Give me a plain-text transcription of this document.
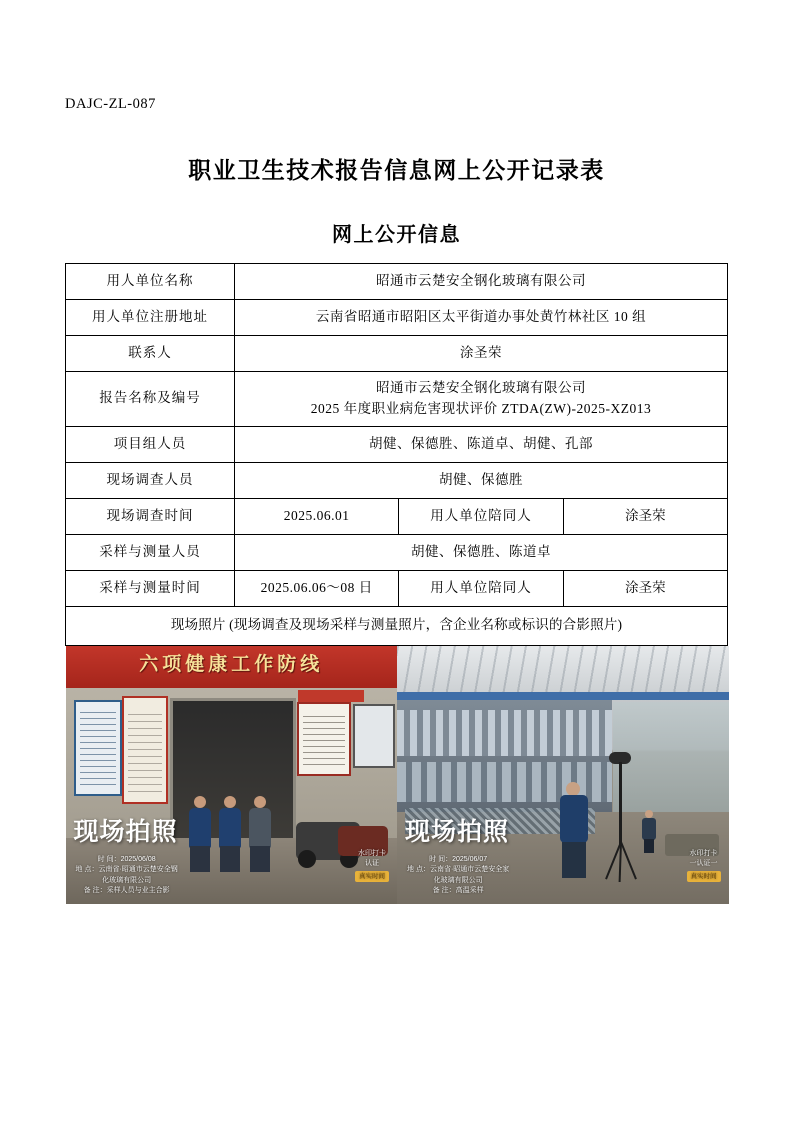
DAJC-ZL-087
职业卫生技术报告信息网上公开记录表
网上公开信息
用人单位名称	昭通市云楚安全钢化玻璃有限公司		
用人单位注册地址	云南省昭通市昭阳区太平街道办事处黄竹林社区 10 组		
联系人	涂圣荣		
报告名称及编号	昭通市云楚安全钢化玻璃有限公司
2025 年度职业病危害现状评价 ZTDA(ZW)-2025-XZ013		

项目组人员	胡健、保德胜、陈道卓、胡健、孔部		
现场调查人员	胡健、保德胜		
现场调查时间	2025.06.01	用人单位陪同人	涂圣荣
采样与测量人员	胡健、保德胜、陈道卓		
采样与测量时间	2025.06.06～08 日	用人单位陪同人	涂圣荣
现场照片 (现场调查及现场采样与测量照片，含企业名称或标识的合影照片)			

六项健康工作防线
现场拍照
时 间：2025/06/08
地 点：云南省·昭通市云楚安全钢
化玻璃有限公司
备 注：采样人员与业主合影
水印打卡
认证
真实时间
现场拍照
时 间：2025/06/07
地 点：云南省·昭通市云楚安全家
化玻璃有限公司
备 注：高温采样
水印打卡
一认证一
真实时间
